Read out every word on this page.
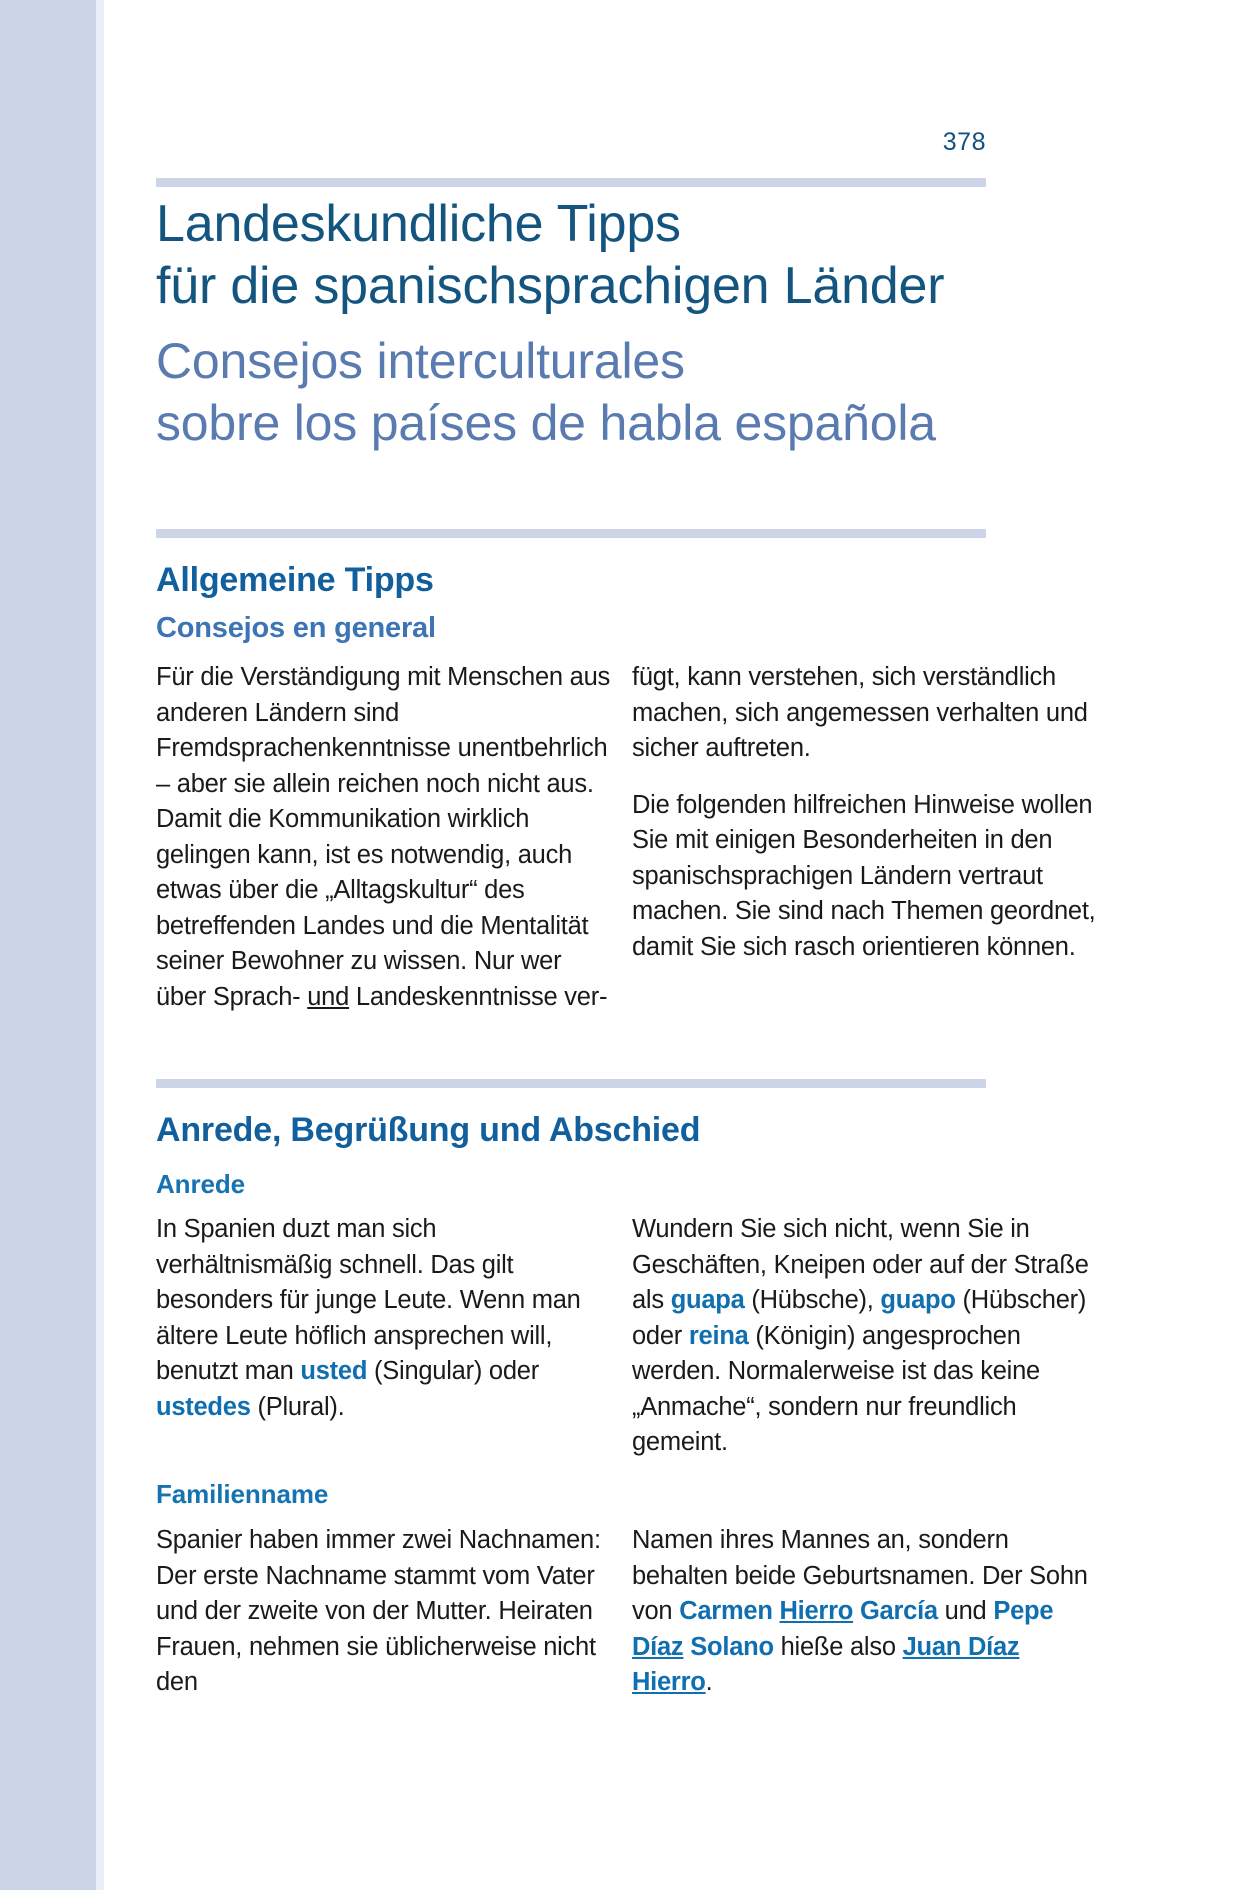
378
Landeskundliche Tipps
für die spanischsprachigen Länder
Consejos interculturales
sobre los países de habla española
Allgemeine Tipps
Consejos en general

Für die Verständigung mit Menschen aus anderen Ländern sind Fremdsprachenkenntnisse unentbehrlich – aber sie allein reichen noch nicht aus. Damit die Kommunikation wirklich gelingen kann, ist es notwendig, auch etwas über die „Alltagskultur“ des betreffenden Landes und die Mentalität seiner Bewohner zu wissen. Nur wer über Sprach- und Landeskenntnisse ver-

fügt, kann verstehen, sich verständlich machen, sich angemessen verhalten und sicher auftreten.

Die folgenden hilfreichen Hinweise wollen Sie mit einigen Besonderheiten in den spanischsprachigen Ländern vertraut machen. Sie sind nach Themen geordnet, damit Sie sich rasch orientieren können.

Anrede, Begrüßung und Abschied
Anrede

In Spanien duzt man sich verhältnismäßig schnell. Das gilt besonders für junge Leute. Wenn man ältere Leute höflich ansprechen will, benutzt man usted (Singular) oder ustedes (Plural).

Wundern Sie sich nicht, wenn Sie in Geschäften, Kneipen oder auf der Straße als guapa (Hübsche), guapo (Hübscher) oder reina (Königin) angesprochen werden. Normalerweise ist das keine „Anmache“, sondern nur freundlich gemeint.

Familienname

Spanier haben immer zwei Nachnamen: Der erste Nachname stammt vom Vater und der zweite von der Mutter. Heiraten Frauen, nehmen sie üblicherweise nicht den

Namen ihres Mannes an, sondern behalten beide Geburtsnamen. Der Sohn von Carmen Hierro García und Pepe Díaz Solano hieße also Juan Díaz Hierro.
